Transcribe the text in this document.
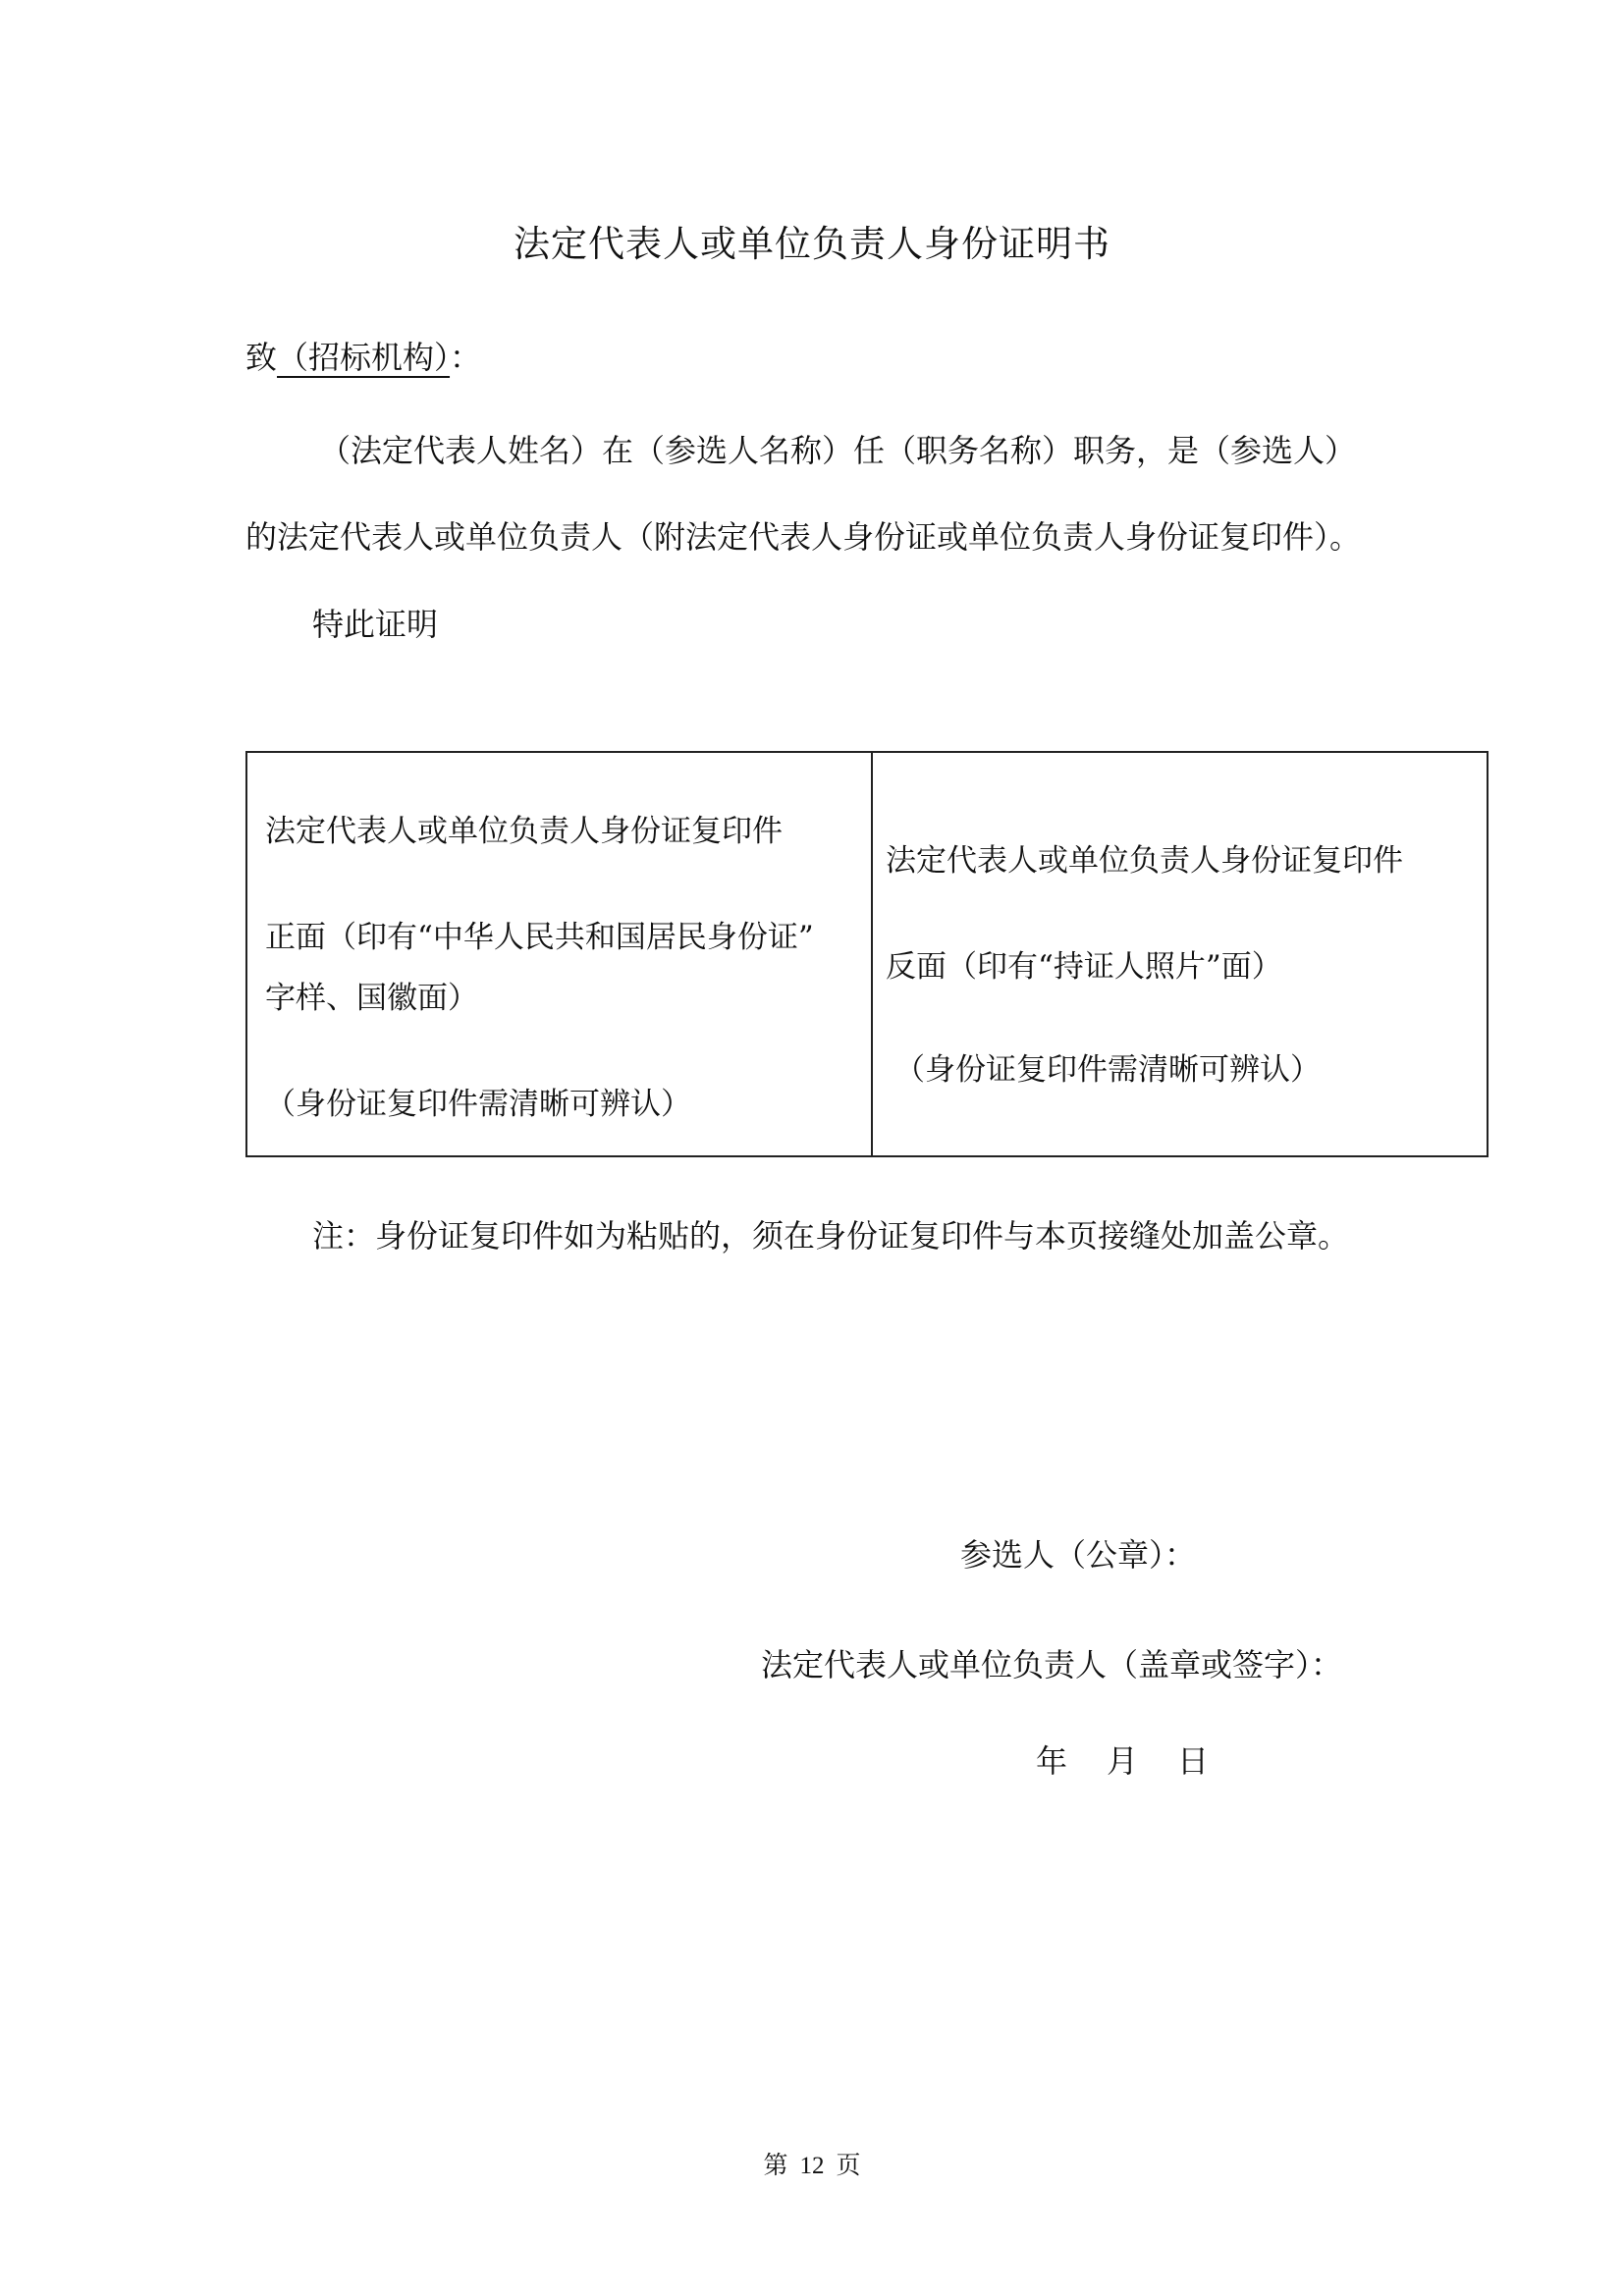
法定代表人或单位负责人身份证明书
致（招标机构）：
（法定代表人姓名）在（参选人名称）任（职务名称）职务，是（参选人）
的法定代表人或单位负责人（附法定代表人身份证或单位负责人身份证复印件）。
特此证明
法定代表人或单位负责人身份证复印件
正面（印有“中华人民共和国居民身份证”
字样、国徽面）
（身份证复印件需清晰可辨认）
法定代表人或单位负责人身份证复印件
反面（印有“持证人照片”面）
（身份证复印件需清晰可辨认）
注：身份证复印件如为粘贴的，须在身份证复印件与本页接缝处加盖公章。
参选人（公章）：
法定代表人或单位负责人（盖章或签字）：
年 月 日
第 12 页
